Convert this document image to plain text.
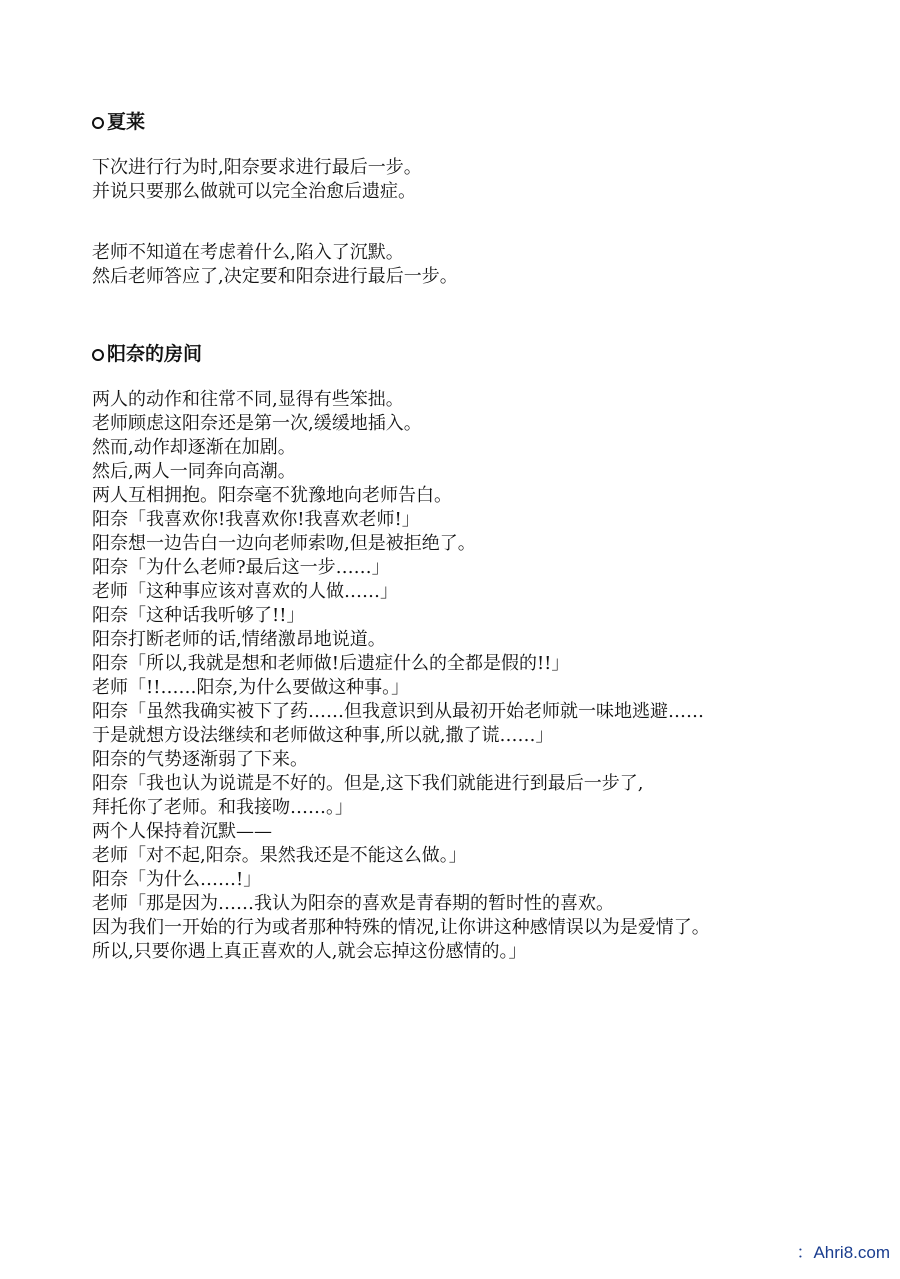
夏莱
下次进行行为时,阳奈要求进行最后一步。
并说只要那么做就可以完全治愈后遗症。
老师不知道在考虑着什么,陷入了沉默。
然后老师答应了,决定要和阳奈进行最后一步。
阳奈的房间
两人的动作和往常不同,显得有些笨拙。
老师顾虑这阳奈还是第一次,缓缓地插入。
然而,动作却逐渐在加剧。
然后,两人一同奔向高潮。
两人互相拥抱。阳奈毫不犹豫地向老师告白。
阳奈「我喜欢你!我喜欢你!我喜欢老师!」
阳奈想一边告白一边向老师索吻,但是被拒绝了。
阳奈「为什么老师?最后这一步……」
老师「这种事应该对喜欢的人做……」
阳奈「这种话我听够了!!」
阳奈打断老师的话,情绪激昂地说道。
阳奈「所以,我就是想和老师做!后遗症什么的全都是假的!!」
老师「!!……阳奈,为什么要做这种事。」
阳奈「虽然我确实被下了药……但我意识到从最初开始老师就一味地逃避……
于是就想方设法继续和老师做这种事,所以就,撒了谎……」
阳奈的气势逐渐弱了下来。
阳奈「我也认为说谎是不好的。但是,这下我们就能进行到最后一步了,
拜托你了老师。和我接吻……。」
两个人保持着沉默——
老师「对不起,阳奈。果然我还是不能这么做。」
阳奈「为什么……!」
老师「那是因为……我认为阳奈的喜欢是青春期的暂时性的喜欢。
因为我们一开始的行为或者那种特殊的情况,让你讲这种感情误以为是爱情了。
所以,只要你遇上真正喜欢的人,就会忘掉这份感情的。」
：Ahri8.com
